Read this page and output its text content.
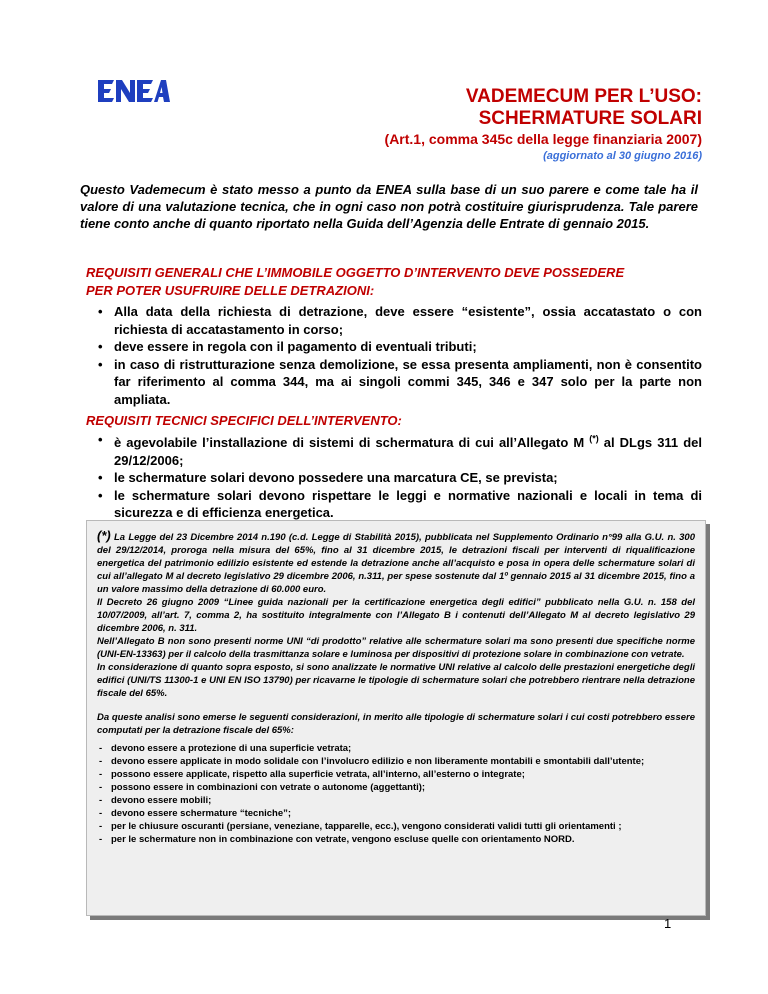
VADEMECUM PER L’USO:
SCHERMATURE SOLARI
(Art.1, comma 345c della legge finanziaria 2007)
(aggiornato al 30 giugno 2016)
Questo Vademecum è stato messo a punto da ENEA sulla base di un suo parere e come tale ha il valore di una valutazione tecnica, che in ogni caso non potrà costituire giurisprudenza. Tale parere tiene conto anche di quanto riportato nella Guida dell’Agenzia delle Entrate di gennaio 2015.
REQUISITI GENERALI CHE L’IMMOBILE OGGETTO D’INTERVENTO DEVE POSSEDERE
PER POTER USUFRUIRE DELLE DETRAZIONI:
• Alla data della richiesta di detrazione, deve essere “esistente”, ossia accatastato o con richiesta di accatastamento in corso;
• deve essere in regola con il pagamento di eventuali tributi;
• in caso di ristrutturazione senza demolizione, se essa presenta ampliamenti, non è consentito far riferimento al comma 344, ma ai singoli commi 345, 346 e 347 solo per la parte non ampliata.
REQUISITI TECNICI SPECIFICI DELL’INTERVENTO:
• è agevolabile l’installazione di sistemi di schermatura di cui all’Allegato M (*) al DLgs 311 del 29/12/2006;
• le schermature solari devono possedere una marcatura CE, se prevista;
• le schermature solari devono rispettare le leggi e normative nazionali e locali in tema di sicurezza e di efficienza energetica.

(*) La Legge del 23 Dicembre 2014 n.190 (c.d. Legge di Stabilità 2015), pubblicata nel Supplemento Ordinario n°99 alla G.U. n. 300 del 29/12/2014, proroga nella misura del 65%, fino al 31 dicembre 2015, le detrazioni fiscali per interventi di riqualificazione energetica del patrimonio edilizio esistente ed estende la detrazione anche all’acquisto e posa in opera delle schermature solari di cui all’allegato M al decreto legislativo 29 dicembre 2006, n.311, per spese sostenute dal 1º gennaio 2015 al 31 dicembre 2015, fino a un valore massimo della detrazione di 60.000 euro.

Il Decreto 26 giugno 2009 “Linee guida nazionali per la certificazione energetica degli edifici” pubblicato nella G.U. n. 158 del 10/07/2009, all’art. 7, comma 2, ha sostituito integralmente con l’Allegato B i contenuti dell’Allegato M al decreto legislativo 29 dicembre 2006, n. 311.

Nell’Allegato B non sono presenti norme UNI “di prodotto” relative alle schermature solari ma sono presenti due specifiche norme (UNI-EN-13363) per il calcolo della trasmittanza solare e luminosa per dispositivi di protezione solare in combinazione con vetrate.

In considerazione di quanto sopra esposto, si sono analizzate le normative UNI relative al calcolo delle prestazioni energetiche degli edifici (UNI/TS 11300-1 e UNI EN ISO 13790) per ricavarne le tipologie di schermature solari che potrebbero rientrare nella detrazione fiscale del 65%.

Da queste analisi sono emerse le seguenti considerazioni, in merito alle tipologie di schermature solari i cui costi potrebbero essere computati per la detrazione fiscale del 65%:

- devono essere a protezione di una superficie vetrata;
- devono essere applicate in modo solidale con l’involucro edilizio e non liberamente montabili e smontabili dall’utente;
- possono essere applicate, rispetto alla superficie vetrata, all’interno, all’esterno o integrate;
- possono essere in combinazioni con vetrate o autonome (aggettanti);
- devono essere mobili;
- devono essere schermature “tecniche”;
- per le chiusure oscuranti (persiane, veneziane, tapparelle, ecc.), vengono considerati validi tutti gli orientamenti ;
- per le schermature non in combinazione con vetrate, vengono escluse quelle con orientamento NORD.
1
